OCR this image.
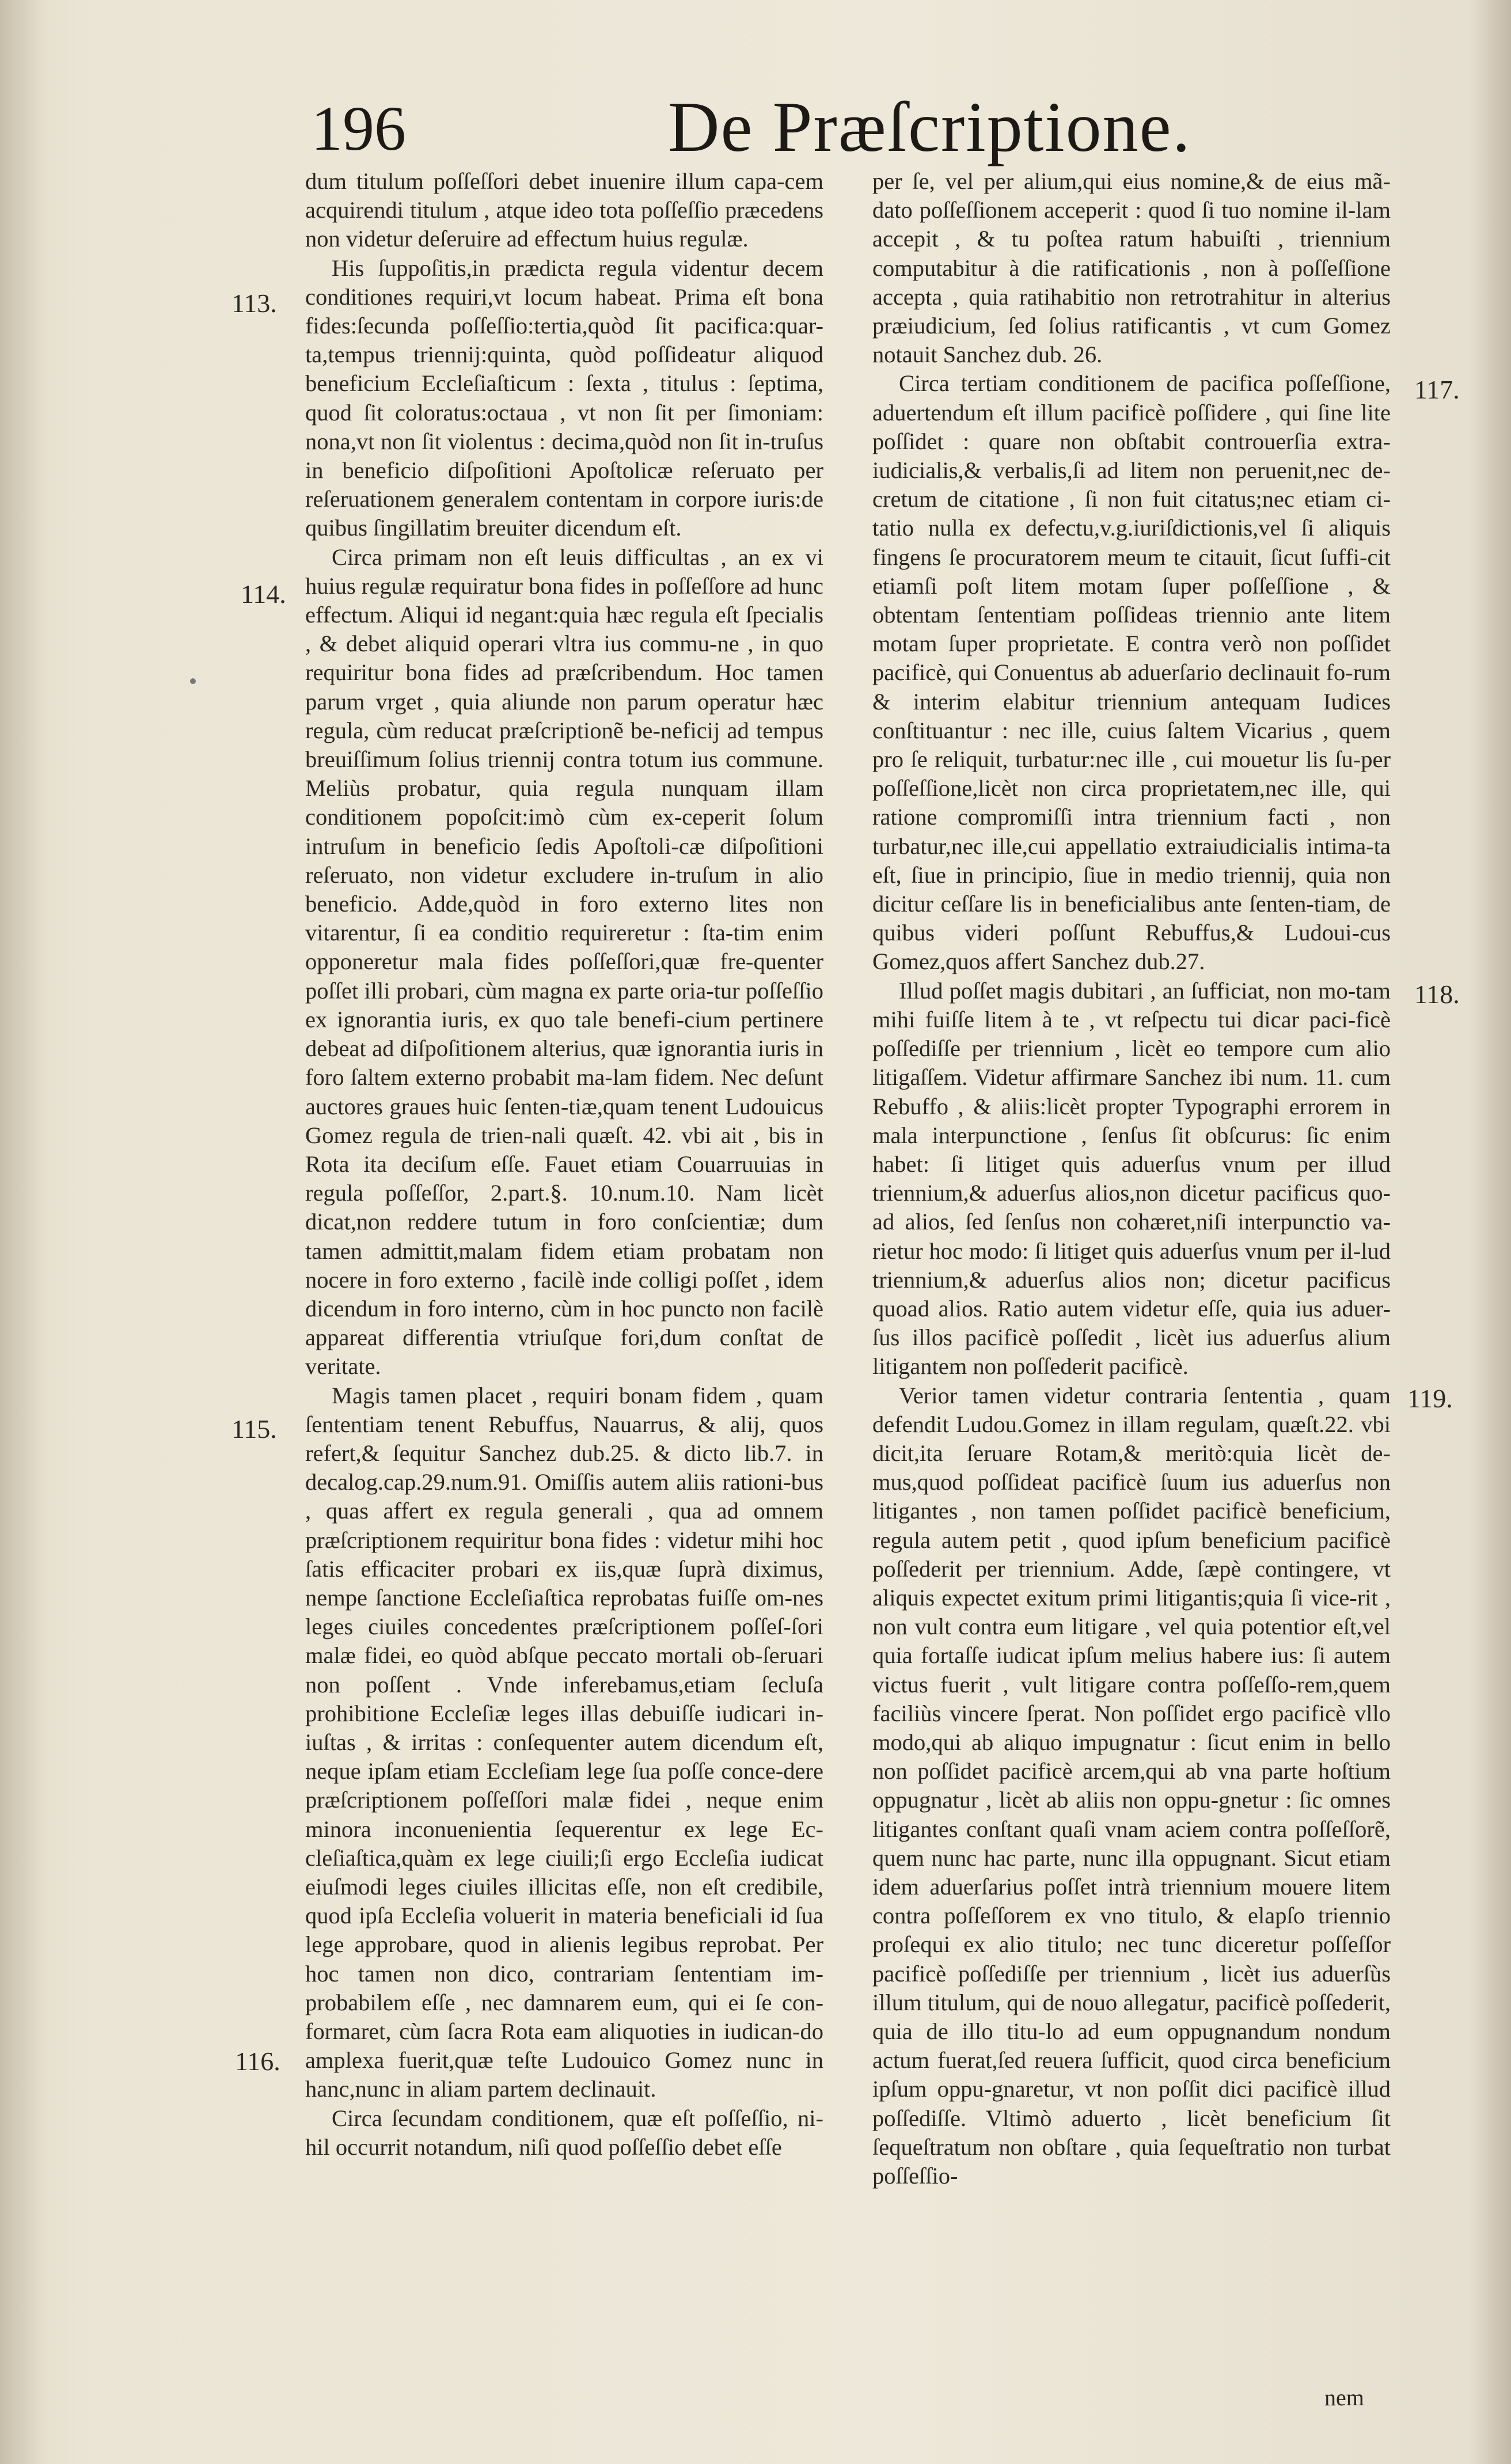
196	De Præſcriptione.
113.
114.
115.
116.
117.
118.
119.

dum titulum poſſeſſori debet inuenire illum capa-cem acquirendi titulum , atque ideo tota poſſeſſio præcedens non videtur deſeruire ad effectum huius regulæ.

His ſuppoſitis,in prædicta regula videntur decem conditiones requiri,vt locum habeat. Prima eſt bona fides:ſecunda poſſeſſio:tertia,quòd ſit pacifica:quar-ta,tempus triennij:quinta, quòd poſſideatur aliquod beneficium Eccleſiaſticum : ſexta , titulus : ſeptima, quod ſit coloratus:octaua , vt non ſit per ſimoniam: nona,vt non ſit violentus : decima,quòd non ſit in-truſus in beneficio diſpoſitioni Apoſtolicæ reſeruato per reſeruationem generalem contentam in corpore iuris:de quibus ſingillatim breuiter dicendum eſt.

Circa primam non eſt leuis difficultas , an ex vi huius regulæ requiratur bona fides in poſſeſſore ad hunc effectum. Aliqui id negant:quia hæc regula eſt ſpecialis , & debet aliquid operari vltra ius commu-ne , in quo requiritur bona fides ad præſcribendum. Hoc tamen parum vrget , quia aliunde non parum operatur hæc regula, cùm reducat præſcriptionẽ be-neficij ad tempus breuiſſimum ſolius triennij contra totum ius commune. Meliùs probatur, quia regula nunquam illam conditionem popoſcit:imò cùm ex-ceperit ſolum intruſum in beneficio ſedis Apoſtoli-cæ diſpoſitioni reſeruato, non videtur excludere in-truſum in alio beneficio. Adde,quòd in foro externo lites non vitarentur, ſi ea conditio requireretur : ſta-tim enim opponeretur mala fides poſſeſſori,quæ fre-quenter poſſet illi probari, cùm magna ex parte oria-tur poſſeſſio ex ignorantia iuris, ex quo tale benefi-cium pertinere debeat ad diſpoſitionem alterius, quæ ignorantia iuris in foro ſaltem externo probabit ma-lam fidem. Nec deſunt auctores graues huic ſenten-tiæ,quam tenent Ludouicus Gomez regula de trien-nali quæſt. 42. vbi ait , bis in Rota ita deciſum eſſe. Fauet etiam Couarruuias in regula poſſeſſor, 2.part.§. 10.num.10. Nam licèt dicat,non reddere tutum in foro conſcientiæ; dum tamen admittit,malam fidem etiam probatam non nocere in foro externo , facilè inde colligi poſſet , idem dicendum in foro interno, cùm in hoc puncto non facilè appareat differentia vtriuſque fori,dum conſtat de veritate.

Magis tamen placet , requiri bonam fidem , quam ſententiam tenent Rebuffus, Nauarrus, & alij, quos refert,& ſequitur Sanchez dub.25. & dicto lib.7. in decalog.cap.29.num.91. Omiſſis autem aliis rationi-bus , quas affert ex regula generali , qua ad omnem præſcriptionem requiritur bona fides : videtur mihi hoc ſatis efficaciter probari ex iis,quæ ſuprà diximus, nempe ſanctione Eccleſiaſtica reprobatas fuiſſe om-nes leges ciuiles concedentes præſcriptionem poſſeſ-ſori malæ fidei, eo quòd abſque peccato mortali ob-ſeruari non poſſent . Vnde inferebamus,etiam ſecluſa prohibitione Eccleſiæ leges illas debuiſſe iudicari in-iuſtas , & irritas : conſequenter autem dicendum eſt, neque ipſam etiam Eccleſiam lege ſua poſſe conce-dere præſcriptionem poſſeſſori malæ fidei , neque enim minora inconuenientia ſequerentur ex lege Ec-cleſiaſtica,quàm ex lege ciuili;ſi ergo Eccleſia iudicat eiuſmodi leges ciuiles illicitas eſſe, non eſt credibile, quod ipſa Eccleſia voluerit in materia beneficiali id ſua lege approbare, quod in alienis legibus reprobat. Per hoc tamen non dico, contrariam ſententiam im-probabilem eſſe , nec damnarem eum, qui ei ſe con-formaret, cùm ſacra Rota eam aliquoties in iudican-do amplexa fuerit,quæ teſte Ludouico Gomez nunc in hanc,nunc in aliam partem declinauit.

Circa ſecundam conditionem, quæ eſt poſſeſſio, ni-hil occurrit notandum, niſi quod poſſeſſio debet eſſe

per ſe, vel per alium,qui eius nomine,& de eius mã-dato poſſeſſionem acceperit : quod ſi tuo nomine il-lam accepit , & tu poſtea ratum habuiſti , triennium computabitur à die ratificationis , non à poſſeſſione accepta , quia ratihabitio non retrotrahitur in alterius præiudicium, ſed ſolius ratificantis , vt cum Gomez notauit Sanchez dub. 26.

Circa tertiam conditionem de pacifica poſſeſſione, aduertendum eſt illum pacificè poſſidere , qui ſine lite poſſidet : quare non obſtabit controuerſia extra-iudicialis,& verbalis,ſi ad litem non peruenit,nec de-cretum de citatione , ſi non fuit citatus;nec etiam ci-tatio nulla ex defectu,v.g.iuriſdictionis,vel ſi aliquis fingens ſe procuratorem meum te citauit, ſicut ſuffi-cit etiamſi poſt litem motam ſuper poſſeſſione , & obtentam ſententiam poſſideas triennio ante litem motam ſuper proprietate. E contra verò non poſſidet pacificè, qui Conuentus ab aduerſario declinauit fo-rum & interim elabitur triennium antequam Iudices conſtituantur : nec ille, cuius ſaltem Vicarius , quem pro ſe reliquit, turbatur:nec ille , cui mouetur lis ſu-per poſſeſſione,licèt non circa proprietatem,nec ille, qui ratione compromiſſi intra triennium facti , non turbatur,nec ille,cui appellatio extraiudicialis intima-ta eſt, ſiue in principio, ſiue in medio triennij, quia non dicitur ceſſare lis in beneficialibus ante ſenten-tiam, de quibus videri poſſunt Rebuffus,& Ludoui-cus Gomez,quos affert Sanchez dub.27.

Illud poſſet magis dubitari , an ſufficiat, non mo-tam mihi fuiſſe litem à te , vt reſpectu tui dicar paci-ficè poſſediſſe per triennium , licèt eo tempore cum alio litigaſſem. Videtur affirmare Sanchez ibi num. 11. cum Rebuffo , & aliis:licèt propter Typographi errorem in mala interpunctione , ſenſus ſit obſcurus: ſic enim habet: ſi litiget quis aduerſus vnum per illud triennium,& aduerſus alios,non dicetur pacificus quo-ad alios, ſed ſenſus non cohæret,niſi interpunctio va-rietur hoc modo: ſi litiget quis aduerſus vnum per il-lud triennium,& aduerſus alios non; dicetur pacificus quoad alios. Ratio autem videtur eſſe, quia ius aduer-ſus illos pacificè poſſedit , licèt ius aduerſus alium litigantem non poſſederit pacificè.

Verior tamen videtur contraria ſententia , quam defendit Ludou.Gomez in illam regulam, quæſt.22. vbi dicit,ita ſeruare Rotam,& meritò:quia licèt de-mus,quod poſſideat pacificè ſuum ius aduerſus non litigantes , non tamen poſſidet pacificè beneficium, regula autem petit , quod ipſum beneficium pacificè poſſederit per triennium. Adde, ſæpè contingere, vt aliquis expectet exitum primi litigantis;quia ſi vice-rit , non vult contra eum litigare , vel quia potentior eſt,vel quia fortaſſe iudicat ipſum melius habere ius: ſi autem victus fuerit , vult litigare contra poſſeſſo-rem,quem faciliùs vincere ſperat. Non poſſidet ergo pacificè vllo modo,qui ab aliquo impugnatur : ſicut enim in bello non poſſidet pacificè arcem,qui ab vna parte hoſtium oppugnatur , licèt ab aliis non oppu-gnetur : ſic omnes litigantes conſtant quaſi vnam aciem contra poſſeſſorẽ, quem nunc hac parte, nunc illa oppugnant. Sicut etiam idem aduerſarius poſſet intrà triennium mouere litem contra poſſeſſorem ex vno titulo, & elapſo triennio proſequi ex alio titulo; nec tunc diceretur poſſeſſor pacificè poſſediſſe per triennium , licèt ius aduerſùs illum titulum, qui de nouo allegatur, pacificè poſſederit, quia de illo titu-lo ad eum oppugnandum nondum actum fuerat,ſed reuera ſufficit, quod circa beneficium ipſum oppu-gnaretur, vt non poſſit dici pacificè illud poſſediſſe. Vltimò aduerto , licèt beneficium ſit ſequeſtratum non obſtare , quia ſequeſtratio non turbat poſſeſſio-

nem
